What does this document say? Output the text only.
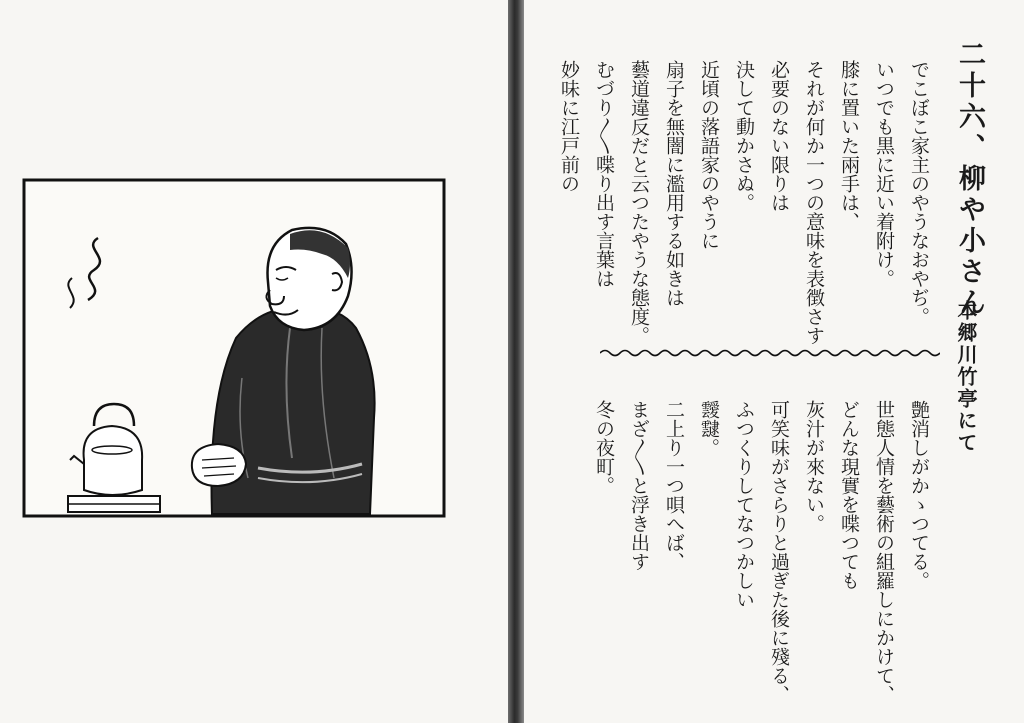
二十六、柳や小さん
本郷川竹亭にて
でこぼこ家主のやうなおやぢ。
いつでも黒に近い着附け。
膝に置いた兩手は、
それが何か一つの意味を表徴さす
必要のない限りは
決して動かさぬ。
近頃の落語家のやうに
扇子を無闇に濫用する如きは
藝道違反だと云つたやうな態度。
むづり〳〵喋り出す言葉は
妙味に江戸前の
艶消しがかゝつてる。
世態人情を藝術の組羅しにかけて、
どんな現實を喋つても
灰汁が來ない。
可笑味がさらりと過ぎた後に殘る、
ふつくりしてなつかしい
靉靆。
二上り一つ唄へば、
まざ〳〵と浮き出す
冬の夜町。
